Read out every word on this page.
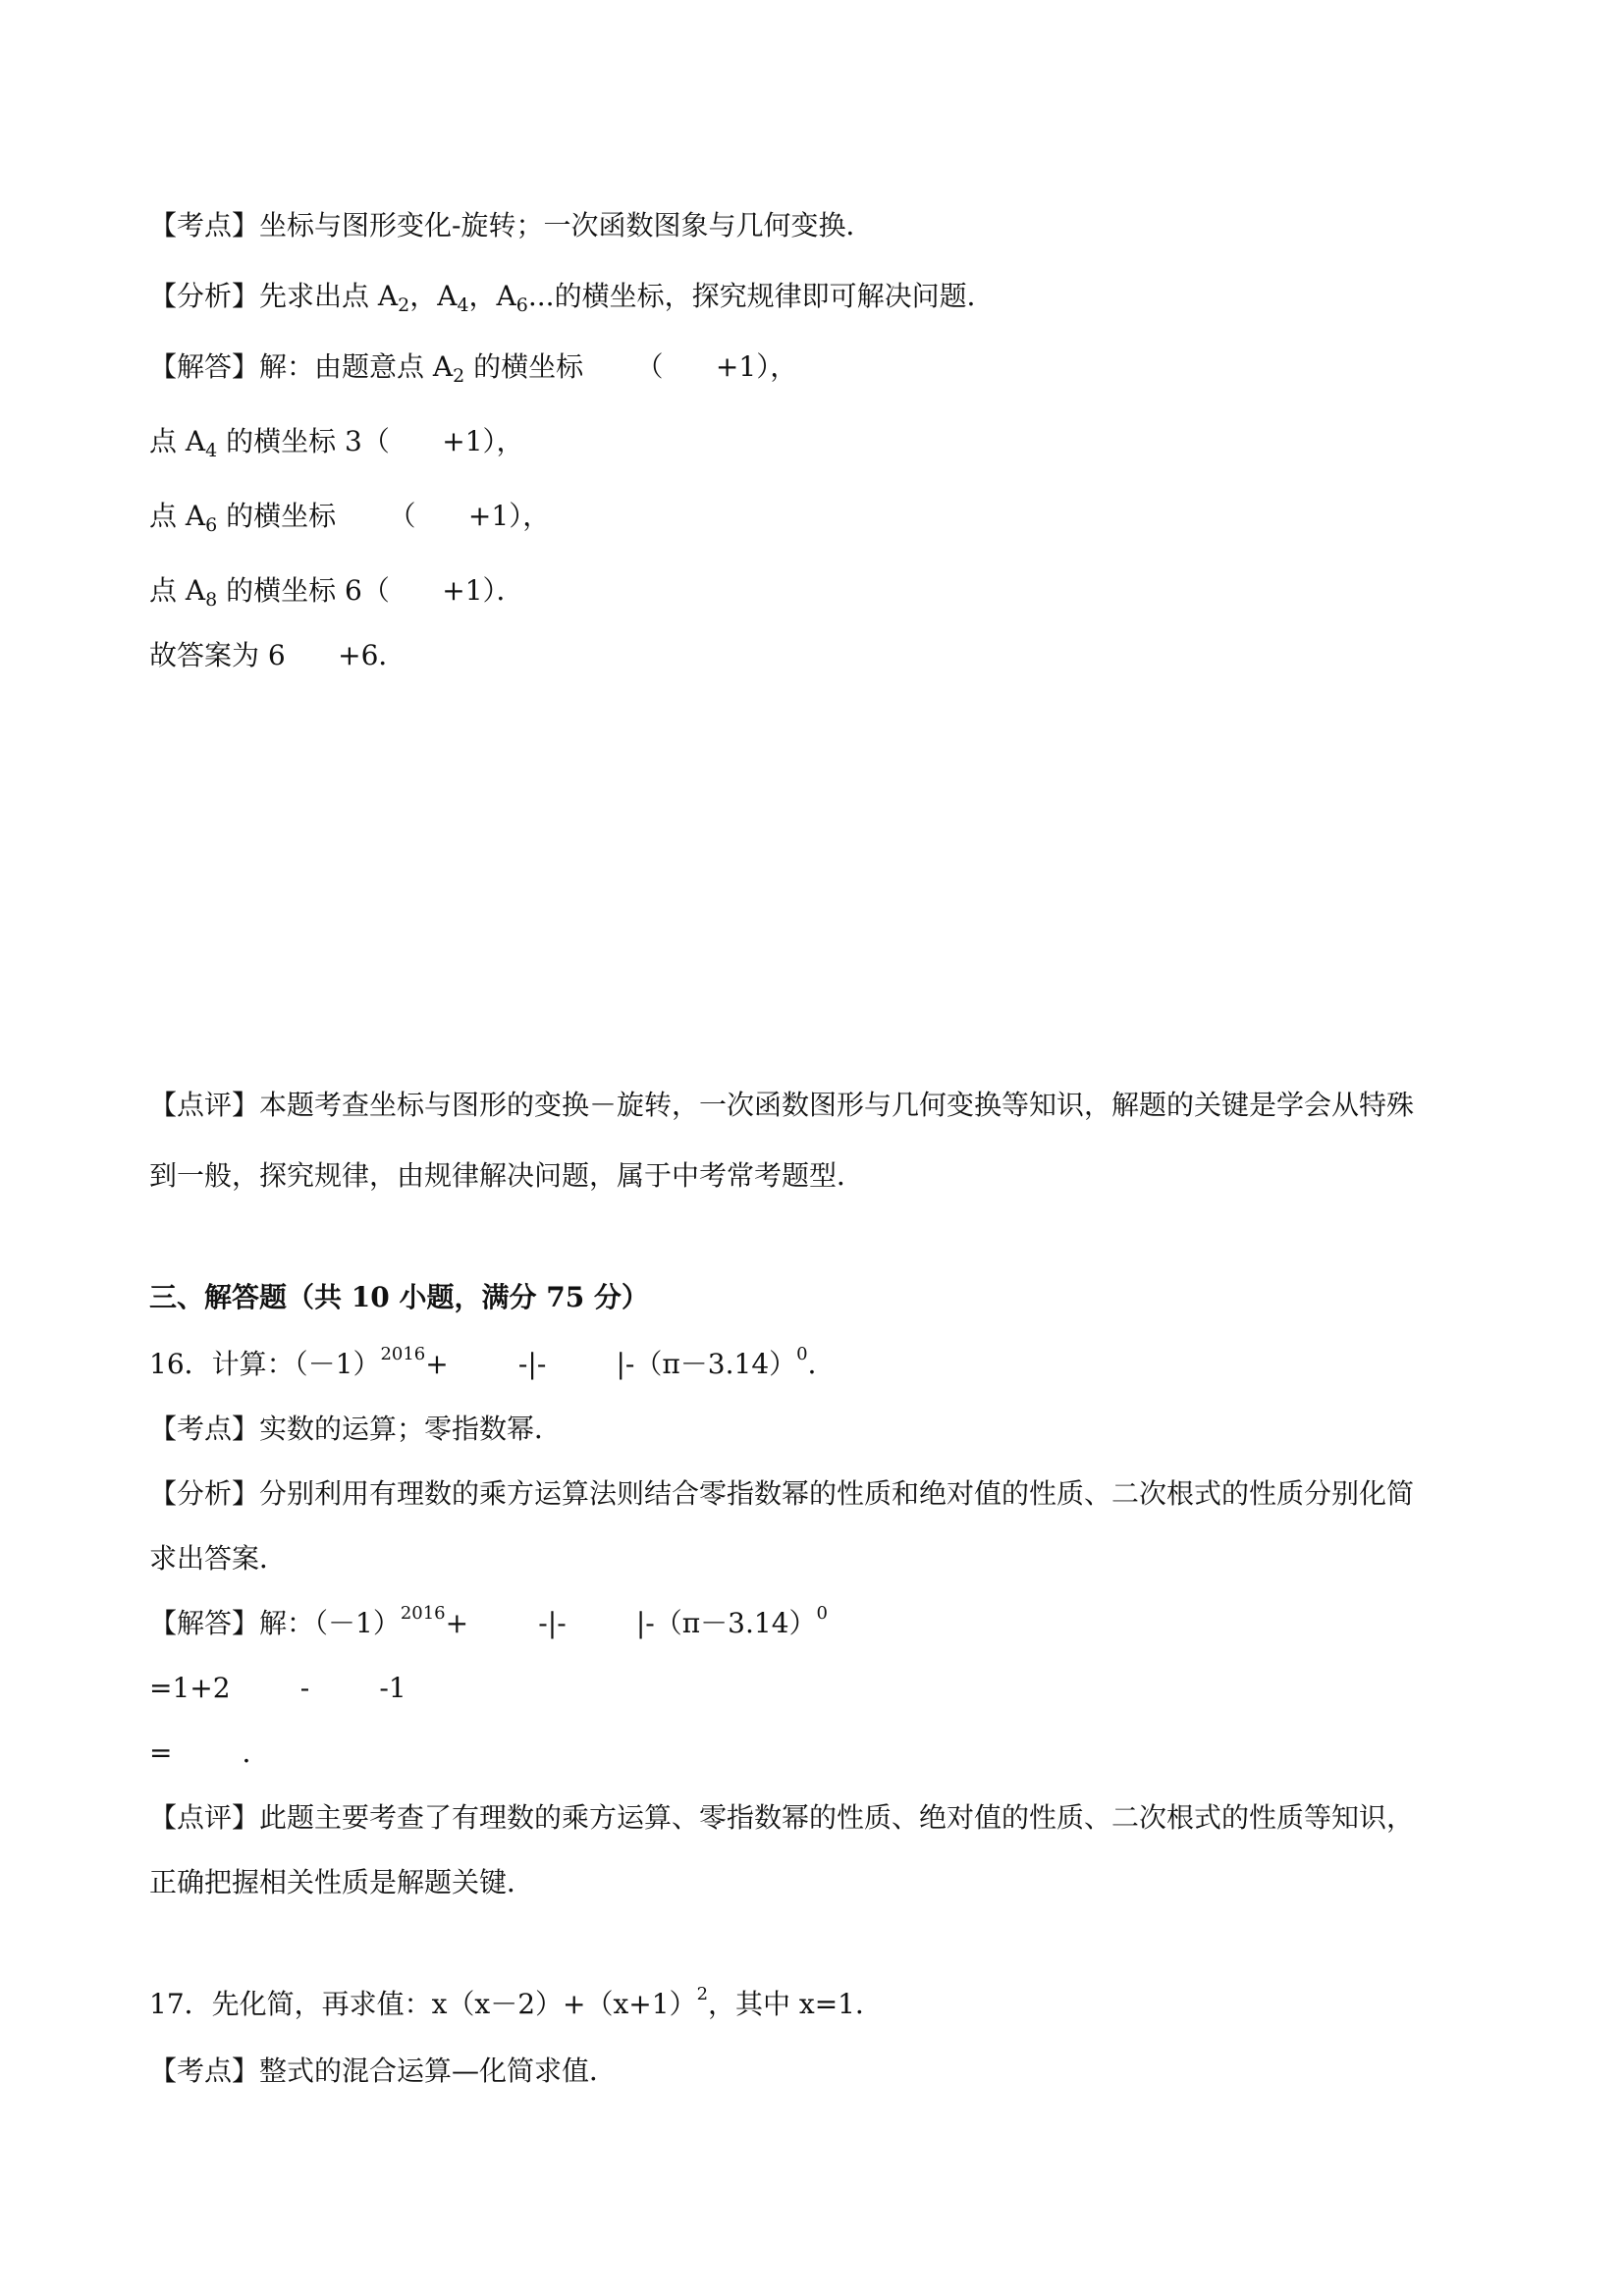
【考点】坐标与图形变化-旋转；一次函数图象与几何变换．
【分析】先求出点 $A_2$，$A_4$，$A_6$...的横坐标，探究规律即可解决问题．
【解答】解：由题意点 $A_2$ 的横坐标      （      +1），
点 $A_4$ 的横坐标 3（      +1），
点 $A_6$ 的横坐标      （      +1），
点 $A_8$ 的横坐标 6（      +1）．
故答案为 6      +6．
【点评】本题考查坐标与图形的变换－旋转，一次函数图形与几何变换等知识，解题的关键是学会从特殊
到一般，探究规律，由规律解决问题，属于中考常考题型．
三、解答题（共 10 小题，满分 75 分）
16．计算：$(-1)^{2016}+$        -|-        $|-(\pi-3.14)^0$．
【考点】实数的运算；零指数幂．
【分析】分别利用有理数的乘方运算法则结合零指数幂的性质和绝对值的性质、二次根式的性质分别化简
求出答案．
【解答】解：$(-1)^{2016}+$        -|-        $|-(\pi-3.14)^0$
=1+2        -        -1
=        ．
【点评】此题主要考查了有理数的乘方运算、零指数幂的性质、绝对值的性质、二次根式的性质等知识，
正确把握相关性质是解题关键．
17．先化简，再求值：$x(x-2)+(x+1)^2$，其中 x=1．
【考点】整式的混合运算—化简求值．
